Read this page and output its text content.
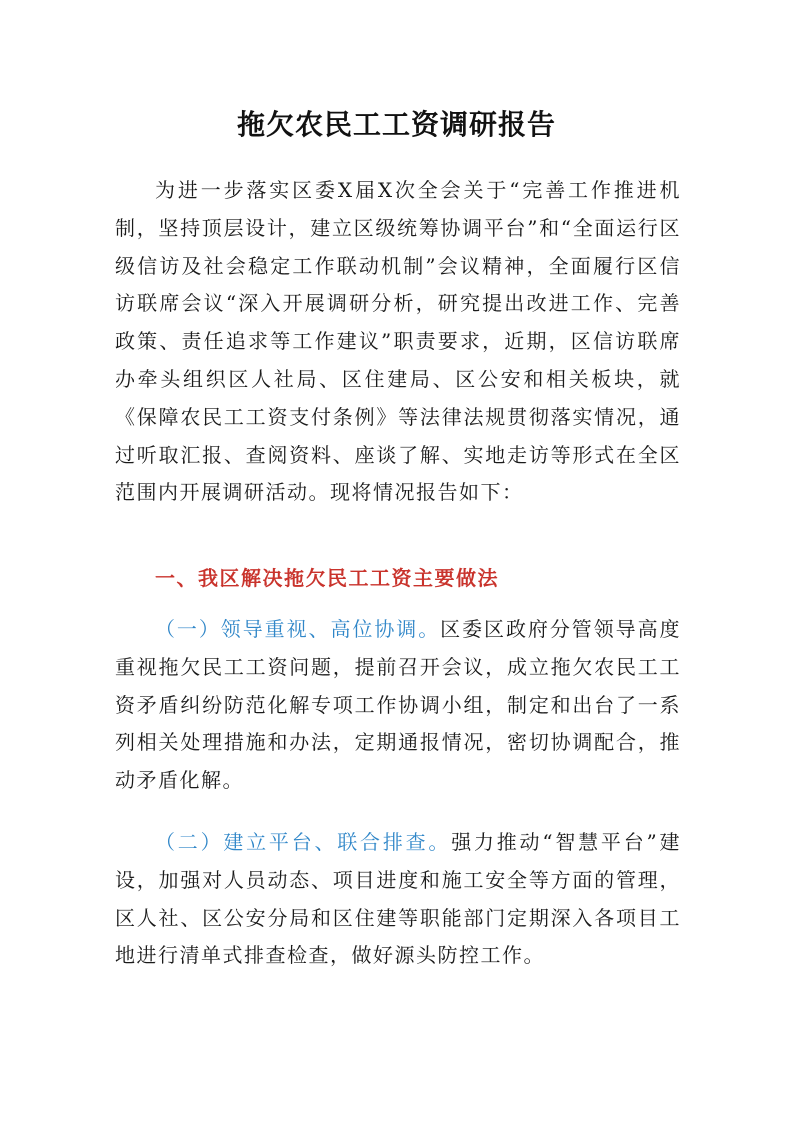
拖欠农民工工资调研报告

为进一步落实区委X届X次全会关于“完善工作推进机制，坚持顶层设计，建立区级统筹协调平台”和“全面运行区级信访及社会稳定工作联动机制”会议精神，全面履行区信访联席会议“深入开展调研分析，研究提出改进工作、完善政策、责任追求等工作建议”职责要求，近期，区信访联席办牵头组织区人社局、区住建局、区公安和相关板块，就《保障农民工工资支付条例》等法律法规贯彻落实情况，通过听取汇报、查阅资料、座谈了解、实地走访等形式在全区范围内开展调研活动。现将情况报告如下：

一、我区解决拖欠民工工资主要做法

（一）领导重视、高位协调。区委区政府分管领导高度重视拖欠民工工资问题，提前召开会议，成立拖欠农民工工资矛盾纠纷防范化解专项工作协调小组，制定和出台了一系列相关处理措施和办法，定期通报情况，密切协调配合，推动矛盾化解。

（二）建立平台、联合排查。强力推动“智慧平台”建设，加强对人员动态、项目进度和施工安全等方面的管理，区人社、区公安分局和区住建等职能部门定期深入各项目工地进行清单式排查检查，做好源头防控工作。
